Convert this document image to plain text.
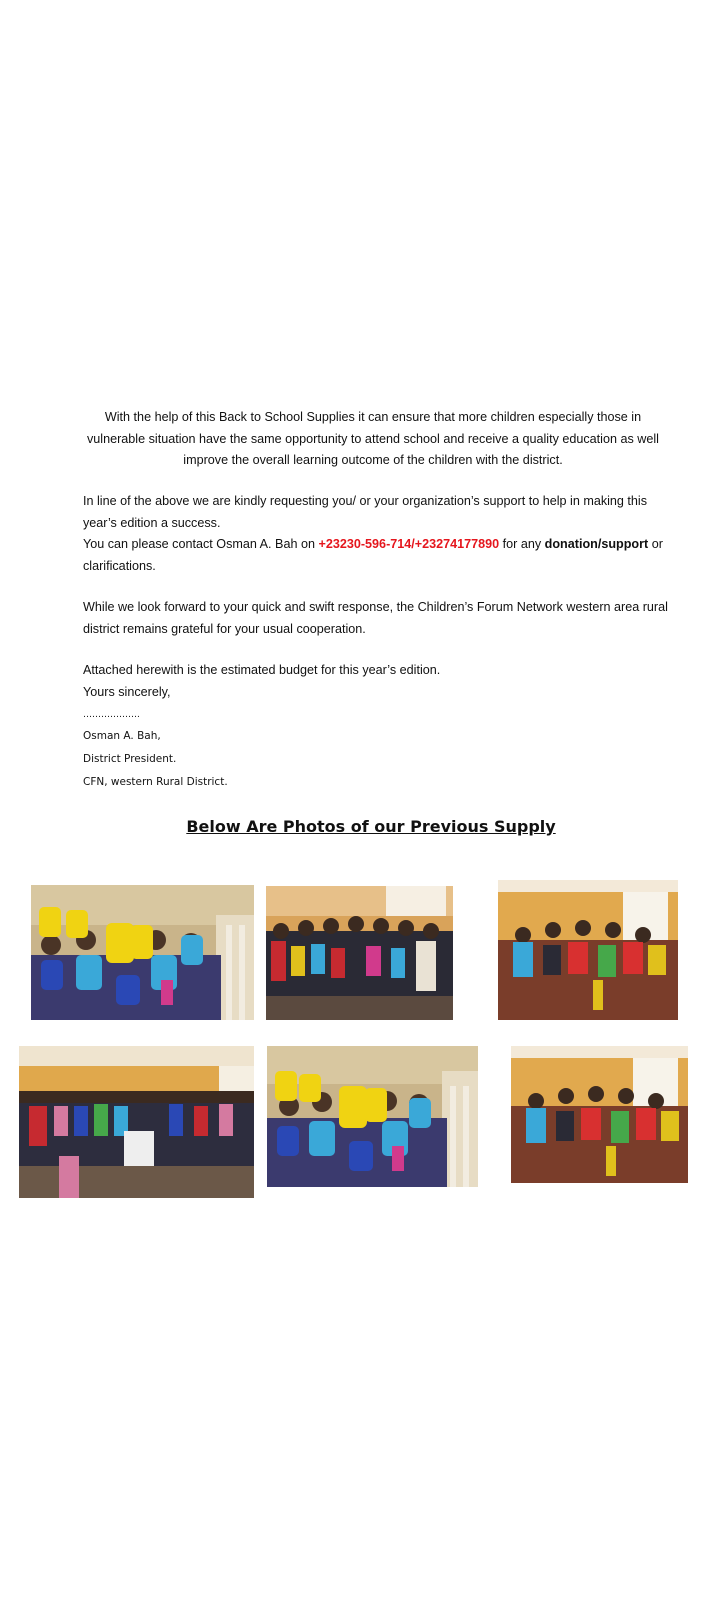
With the help of this Back to School Supplies it can ensure that more children especially those in vulnerable situation have the same opportunity to attend school and receive a quality education as well improve the overall learning outcome of the children with the district.

In line of the above we are kindly requesting you/ or your organization’s support to help in making this year’s edition a success.

You can please contact Osman A. Bah on +23230-596-714/+23274177890 for any donation/support or clarifications.

While we look forward to your quick and swift response, the Children’s Forum Network western area rural district remains grateful for your usual cooperation.

Attached herewith is the estimated budget for this year’s edition.

Yours sincerely,

……………….
Osman A. Bah,
District President.
CFN, western Rural District.
Below Are Photos of our Previous Supply
